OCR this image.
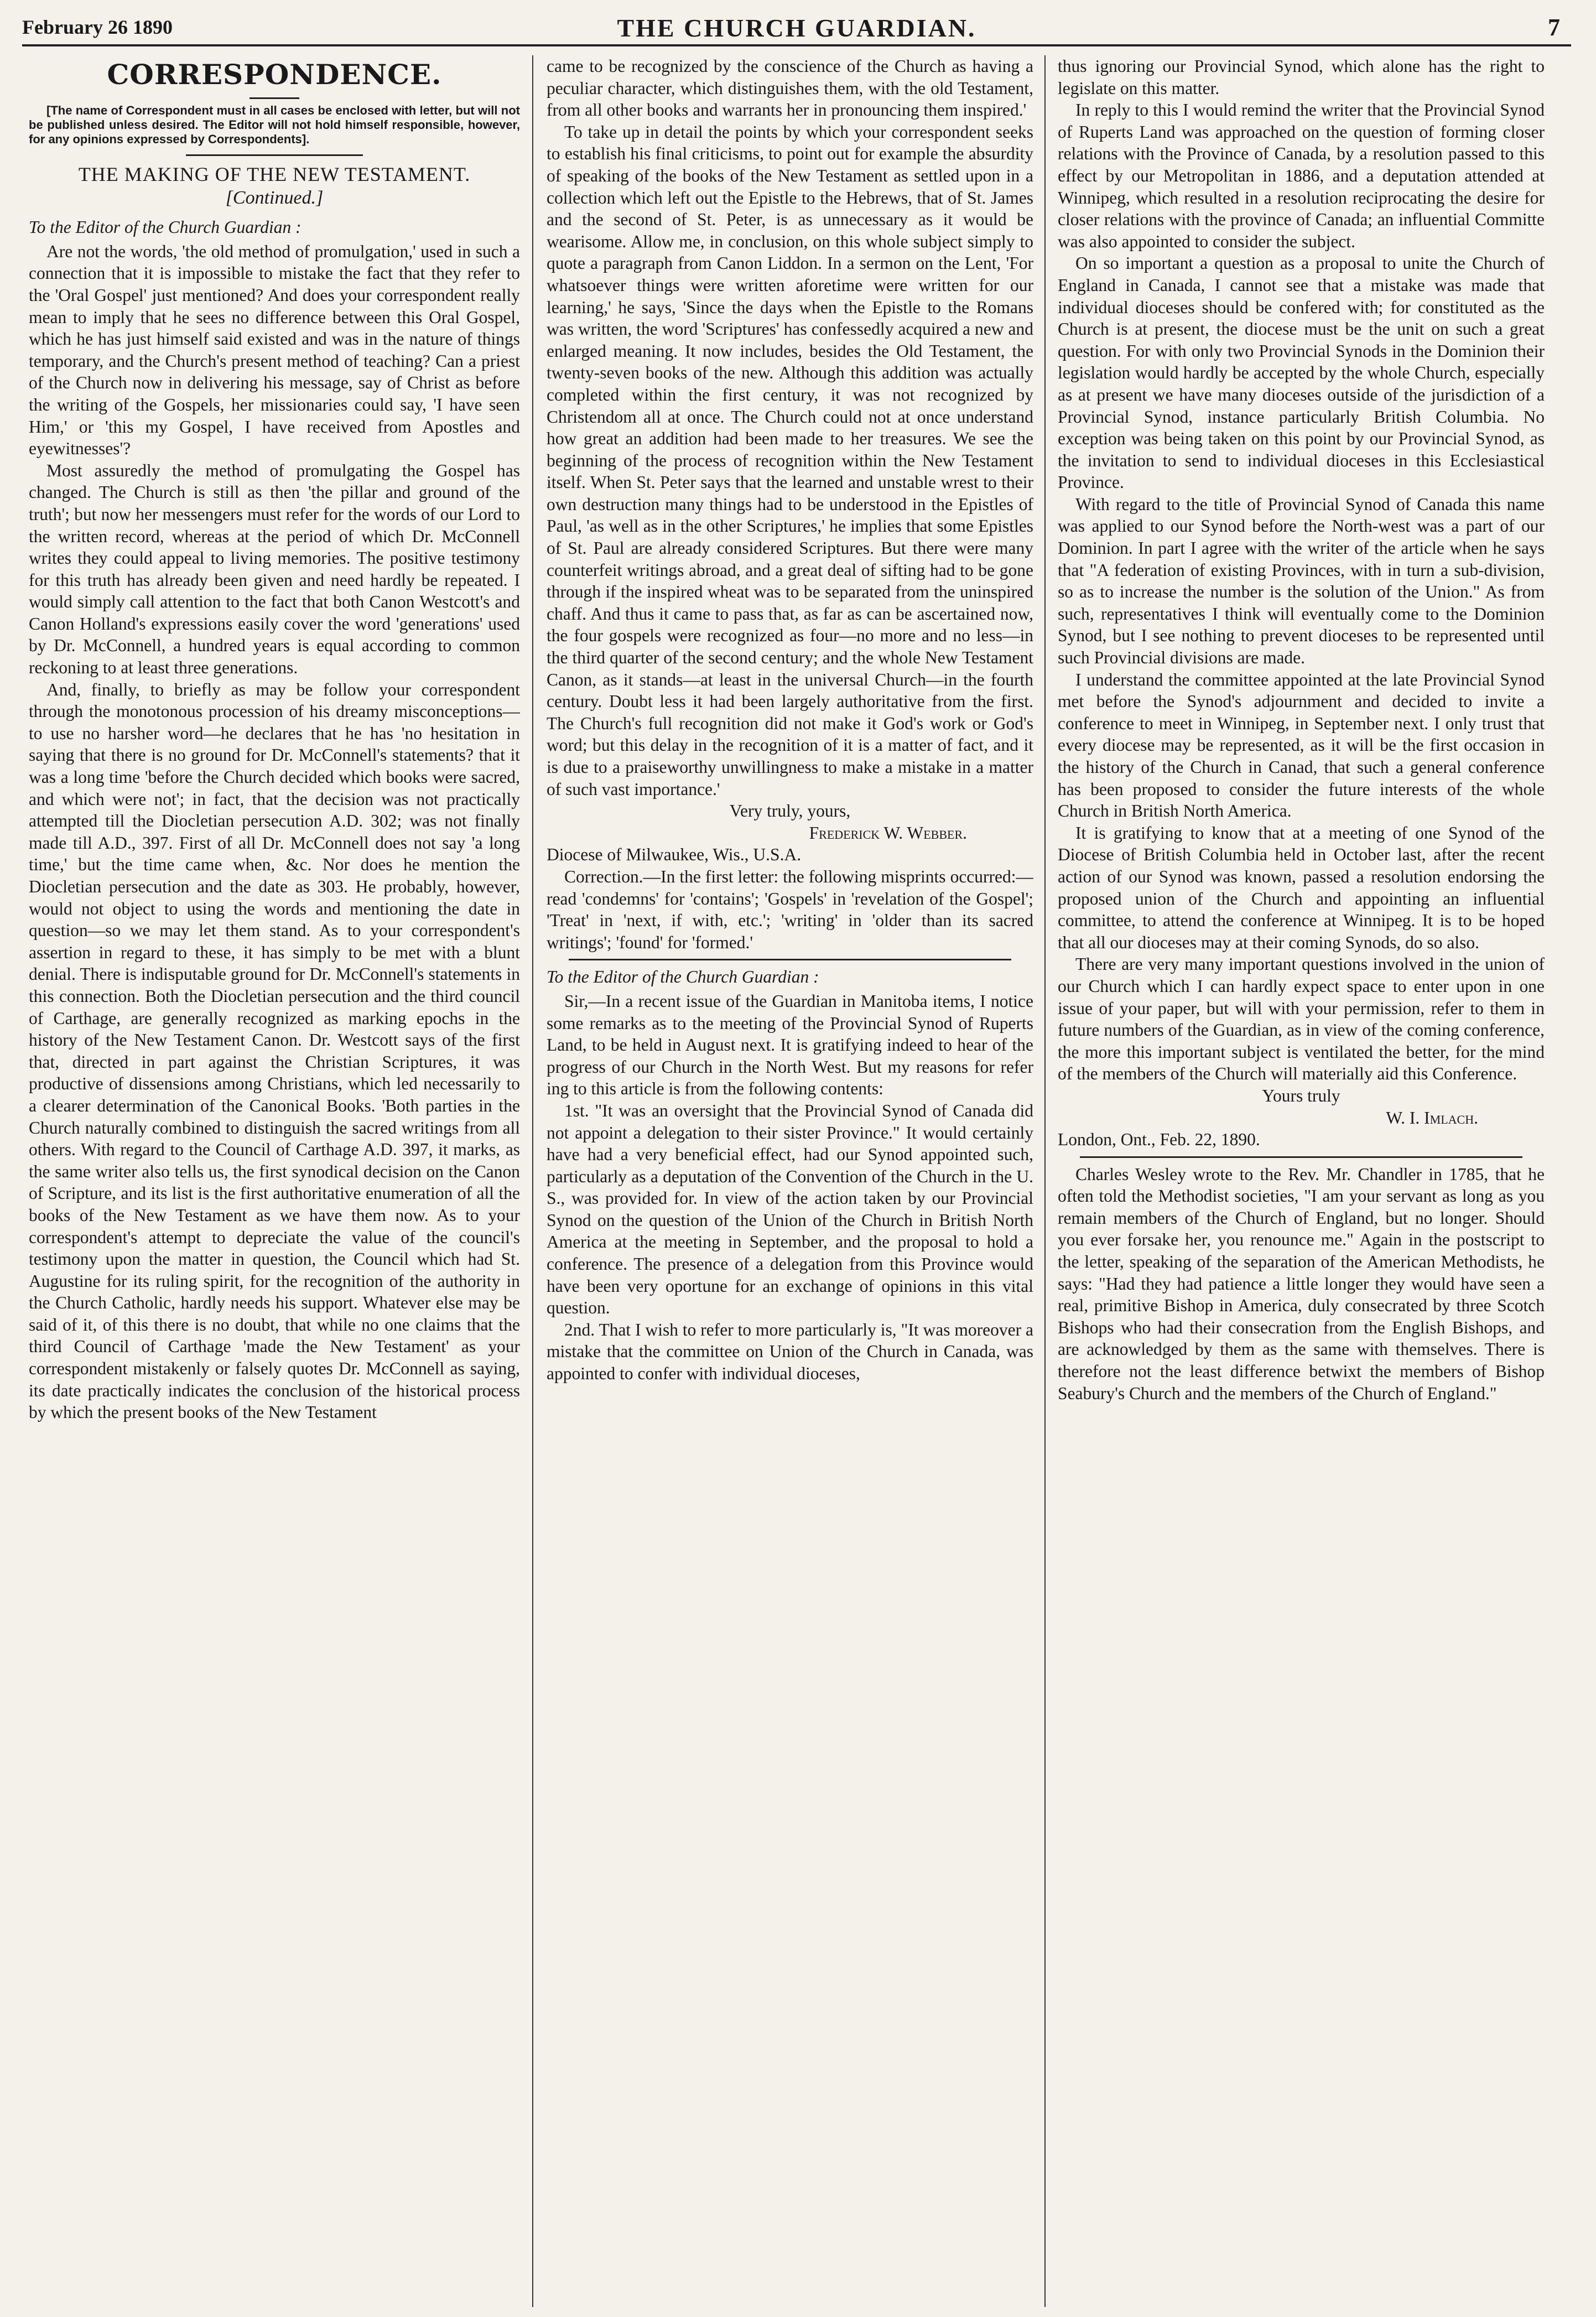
February 26 1890	THE CHURCH GUARDIAN.	7
CORRESPONDENCE.

[The name of Correspondent must in all cases be enclosed with letter, but will not be published unless desired. The Editor will not hold himself responsible, however, for any opinions expressed by Correspondents].

THE MAKING OF THE NEW TESTAMENT.
[Continued.]

To the Editor of the Church Guardian :

Are not the words, 'the old method of promulgation,' used in such a connection that it is impossible to mistake the fact that they refer to the 'Oral Gospel' just mentioned? And does your correspondent really mean to imply that he sees no difference between this Oral Gospel, which he has just himself said existed and was in the nature of things temporary, and the Church's present method of teaching? Can a priest of the Church now in delivering his message, say of Christ as before the writing of the Gospels, her missionaries could say, 'I have seen Him,' or 'this my Gospel, I have received from Apostles and eyewitnesses'?

Most assuredly the method of promulgating the Gospel has changed. The Church is still as then 'the pillar and ground of the truth'; but now her messengers must refer for the words of our Lord to the written record, whereas at the period of which Dr. McConnell writes they could appeal to living memories. The positive testimony for this truth has already been given and need hardly be repeated. I would simply call attention to the fact that both Canon Westcott's and Canon Holland's expressions easily cover the word 'generations' used by Dr. McConnell, a hundred years is equal according to common reckoning to at least three generations.

And, finally, to briefly as may be follow your correspondent through the monotonous procession of his dreamy misconceptions—to use no harsher word—he declares that he has 'no hesitation in saying that there is no ground for Dr. McConnell's statements? that it was a long time 'before the Church decided which books were sacred, and which were not'; in fact, that the decision was not practically attempted till the Diocletian persecution A.D. 302; was not finally made till A.D., 397. First of all Dr. McConnell does not say 'a long time,' but the time came when, &c. Nor does he mention the Diocletian persecution and the date as 303. He probably, however, would not object to using the words and mentioning the date in question—so we may let them stand. As to your correspondent's assertion in regard to these, it has simply to be met with a blunt denial. There is indisputable ground for Dr. McConnell's statements in this connection. Both the Diocletian persecution and the third council of Carthage, are generally recognized as marking epochs in the history of the New Testament Canon. Dr. Westcott says of the first that, directed in part against the Christian Scriptures, it was productive of dissensions among Christians, which led necessarily to a clearer determination of the Canonical Books. 'Both parties in the Church naturally combined to distinguish the sacred writings from all others. With regard to the Council of Carthage A.D. 397, it marks, as the same writer also tells us, the first synodical decision on the Canon of Scripture, and its list is the first authoritative enumeration of all the books of the New Testament as we have them now. As to your correspondent's attempt to depreciate the value of the council's testimony upon the matter in question, the Council which had St. Augustine for its ruling spirit, for the recognition of the authority in the Church Catholic, hardly needs his support. Whatever else may be said of it, of this there is no doubt, that while no one claims that the third Council of Carthage 'made the New Testament' as your correspondent mistakenly or falsely quotes Dr. McConnell as saying, its date practically indicates the conclusion of the historical process by which the present books of the New Testament

came to be recognized by the conscience of the Church as having a peculiar character, which distinguishes them, with the old Testament, from all other books and warrants her in pronouncing them inspired.'

To take up in detail the points by which your correspondent seeks to establish his final criticisms, to point out for example the absurdity of speaking of the books of the New Testament as settled upon in a collection which left out the Epistle to the Hebrews, that of St. James and the second of St. Peter, is as unnecessary as it would be wearisome. Allow me, in conclusion, on this whole subject simply to quote a paragraph from Canon Liddon. In a sermon on the Lent, 'For whatsoever things were written aforetime were written for our learning,' he says, 'Since the days when the Epistle to the Romans was written, the word 'Scriptures' has confessedly acquired a new and enlarged meaning. It now includes, besides the Old Testament, the twenty-seven books of the new. Although this addition was actually completed within the first century, it was not recognized by Christendom all at once. The Church could not at once understand how great an addition had been made to her treasures. We see the beginning of the process of recognition within the New Testament itself. When St. Peter says that the learned and unstable wrest to their own destruction many things had to be understood in the Epistles of Paul, 'as well as in the other Scriptures,' he implies that some Epistles of St. Paul are already considered Scriptures. But there were many counterfeit writings abroad, and a great deal of sifting had to be gone through if the inspired wheat was to be separated from the uninspired chaff. And thus it came to pass that, as far as can be ascertained now, the four gospels were recognized as four—no more and no less—in the third quarter of the second century; and the whole New Testament Canon, as it stands—at least in the universal Church—in the fourth century. Doubt less it had been largely authoritative from the first. The Church's full recognition did not make it God's work or God's word; but this delay in the recognition of it is a matter of fact, and it is due to a praiseworthy unwillingness to make a mistake in a matter of such vast importance.'

Very truly, yours,

Frederick W. Webber.

Diocese of Milwaukee, Wis., U.S.A.

Correction.—In the first letter: the following misprints occurred:—read 'condemns' for 'contains'; 'Gospels' in 'revelation of the Gospel'; 'Treat' in 'next, if with, etc.'; 'writing' in 'older than its sacred writings'; 'found' for 'formed.'

To the Editor of the Church Guardian :

Sir,—In a recent issue of the Guardian in Manitoba items, I notice some remarks as to the meeting of the Provincial Synod of Ruperts Land, to be held in August next. It is gratifying indeed to hear of the progress of our Church in the North West. But my reasons for refer ing to this article is from the following contents:

1st. "It was an oversight that the Provincial Synod of Canada did not appoint a delegation to their sister Province." It would certainly have had a very beneficial effect, had our Synod appointed such, particularly as a deputation of the Convention of the Church in the U. S., was provided for. In view of the action taken by our Provincial Synod on the question of the Union of the Church in British North America at the meeting in September, and the proposal to hold a conference. The presence of a delegation from this Province would have been very oportune for an exchange of opinions in this vital question.

2nd. That I wish to refer to more particularly is, "It was moreover a mistake that the committee on Union of the Church in Canada, was appointed to confer with individual dioceses,

thus ignoring our Provincial Synod, which alone has the right to legislate on this matter.

In reply to this I would remind the writer that the Provincial Synod of Ruperts Land was approached on the question of forming closer relations with the Province of Canada, by a resolution passed to this effect by our Metropolitan in 1886, and a deputation attended at Winnipeg, which resulted in a resolution reciprocating the desire for closer relations with the province of Canada; an influential Committe was also appointed to consider the subject.

On so important a question as a proposal to unite the Church of England in Canada, I cannot see that a mistake was made that individual dioceses should be confered with; for constituted as the Church is at present, the diocese must be the unit on such a great question. For with only two Provincial Synods in the Dominion their legislation would hardly be accepted by the whole Church, especially as at present we have many dioceses outside of the jurisdiction of a Provincial Synod, instance particularly British Columbia. No exception was being taken on this point by our Provincial Synod, as the invitation to send to individual dioceses in this Ecclesiastical Province.

With regard to the title of Provincial Synod of Canada this name was applied to our Synod before the North-west was a part of our Dominion. In part I agree with the writer of the article when he says that "A federation of existing Provinces, with in turn a sub-division, so as to increase the number is the solution of the Union." As from such, representatives I think will eventually come to the Dominion Synod, but I see nothing to prevent dioceses to be represented until such Provincial divisions are made.

I understand the committee appointed at the late Provincial Synod met before the Synod's adjournment and decided to invite a conference to meet in Winnipeg, in September next. I only trust that every diocese may be represented, as it will be the first occasion in the history of the Church in Canad, that such a general conference has been proposed to consider the future interests of the whole Church in British North America.

It is gratifying to know that at a meeting of one Synod of the Diocese of British Columbia held in October last, after the recent action of our Synod was known, passed a resolution endorsing the proposed union of the Church and appointing an influential committee, to attend the conference at Winnipeg. It is to be hoped that all our dioceses may at their coming Synods, do so also.

There are very many important questions involved in the union of our Church which I can hardly expect space to enter upon in one issue of your paper, but will with your permission, refer to them in future numbers of the Guardian, as in view of the coming conference, the more this important subject is ventilated the better, for the mind of the members of the Church will materially aid this Conference.

Yours truly

W. I. Imlach.

London, Ont., Feb. 22, 1890.

Charles Wesley wrote to the Rev. Mr. Chandler in 1785, that he often told the Methodist societies, "I am your servant as long as you remain members of the Church of England, but no longer. Should you ever forsake her, you renounce me." Again in the postscript to the letter, speaking of the separation of the American Methodists, he says: "Had they had patience a little longer they would have seen a real, primitive Bishop in America, duly consecrated by three Scotch Bishops who had their consecration from the English Bishops, and are acknowledged by them as the same with themselves. There is therefore not the least difference betwixt the members of Bishop Seabury's Church and the members of the Church of England."
